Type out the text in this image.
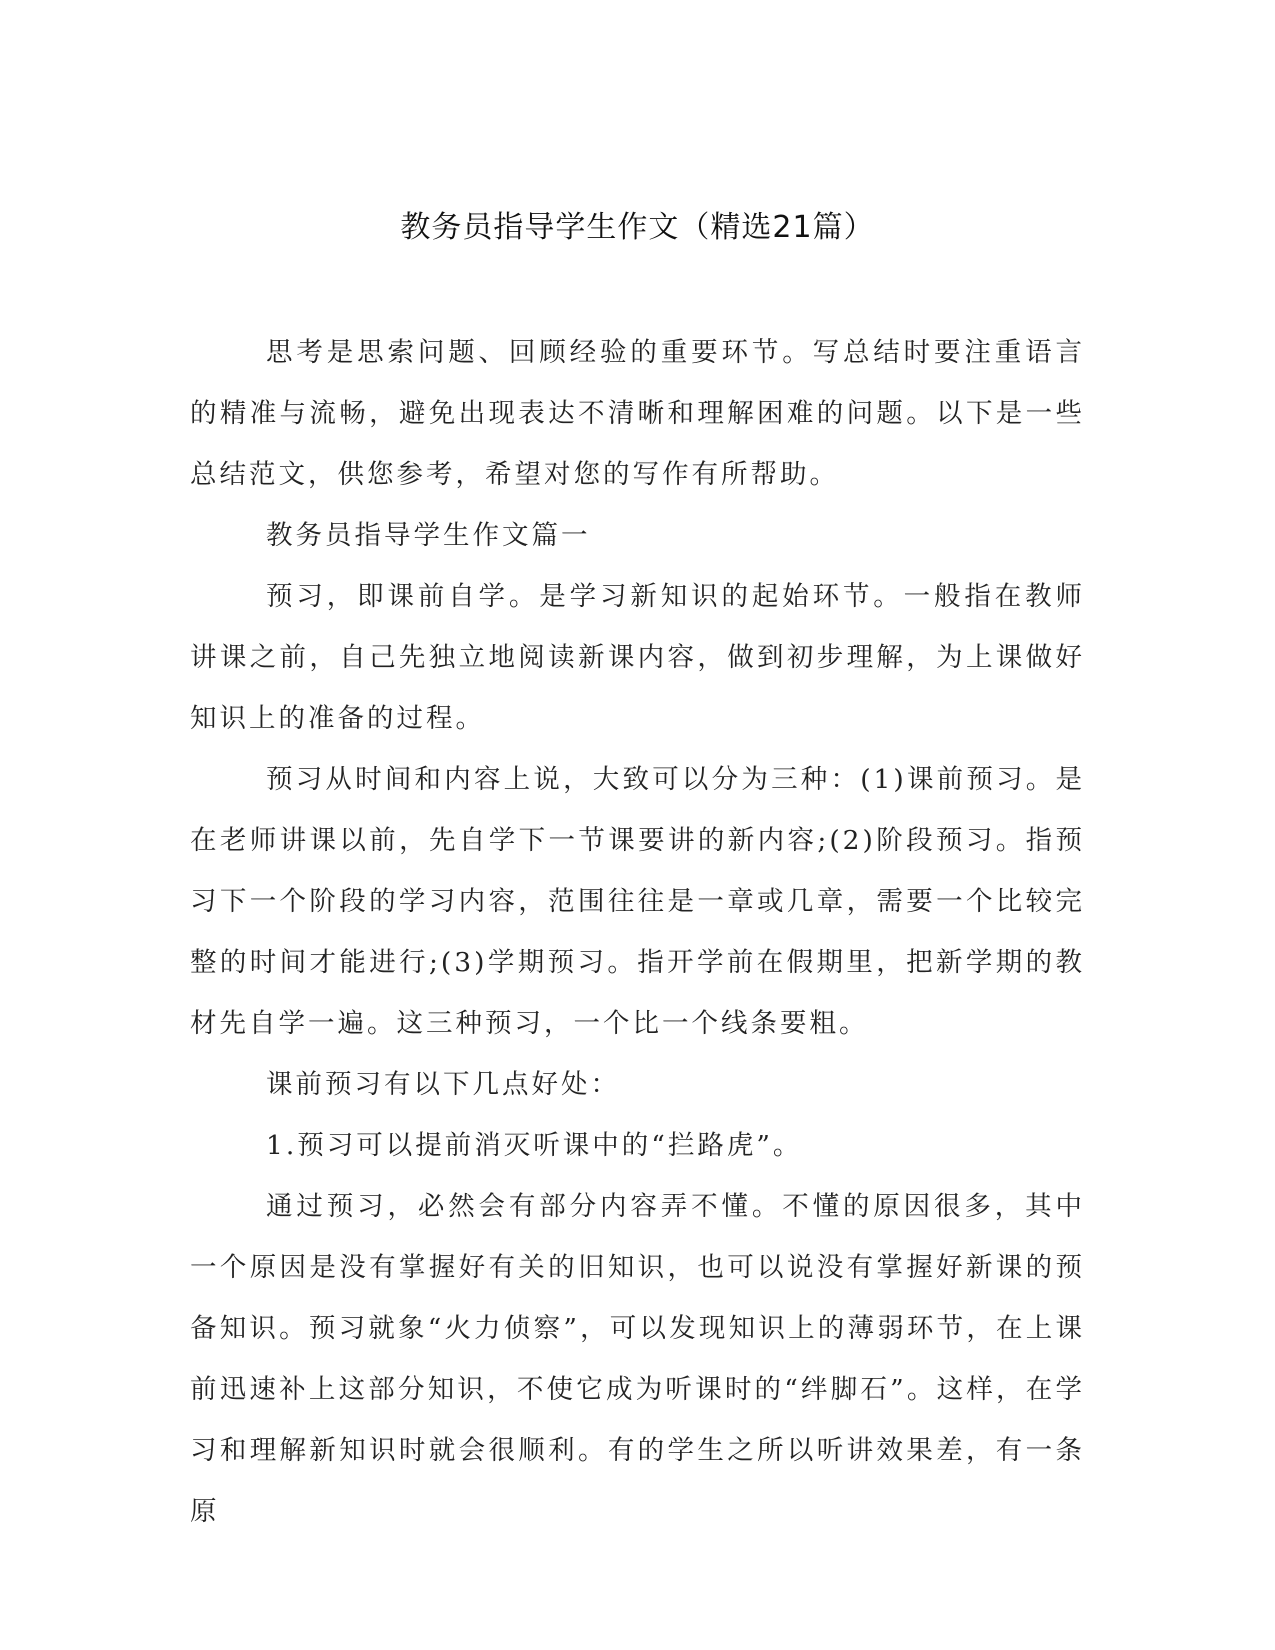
教务员指导学生作文（精选21篇）

思考是思索问题、回顾经验的重要环节。写总结时要注重语言的精准与流畅，避免出现表达不清晰和理解困难的问题。以下是一些总结范文，供您参考，希望对您的写作有所帮助。

教务员指导学生作文篇一

预习，即课前自学。是学习新知识的起始环节。一般指在教师讲课之前，自己先独立地阅读新课内容，做到初步理解，为上课做好知识上的准备的过程。

预习从时间和内容上说，大致可以分为三种：(1)课前预习。是在老师讲课以前，先自学下一节课要讲的新内容;(2)阶段预习。指预习下一个阶段的学习内容，范围往往是一章或几章，需要一个比较完整的时间才能进行;(3)学期预习。指开学前在假期里，把新学期的教材先自学一遍。这三种预习，一个比一个线条要粗。

课前预习有以下几点好处：

1.预习可以提前消灭听课中的“拦路虎”。

通过预习，必然会有部分内容弄不懂。不懂的原因很多，其中一个原因是没有掌握好有关的旧知识，也可以说没有掌握好新课的预备知识。预习就象“火力侦察”，可以发现知识上的薄弱环节，在上课前迅速补上这部分知识，不使它成为听课时的“绊脚石”。这样，在学习和理解新知识时就会很顺利。有的学生之所以听讲效果差，有一条原
